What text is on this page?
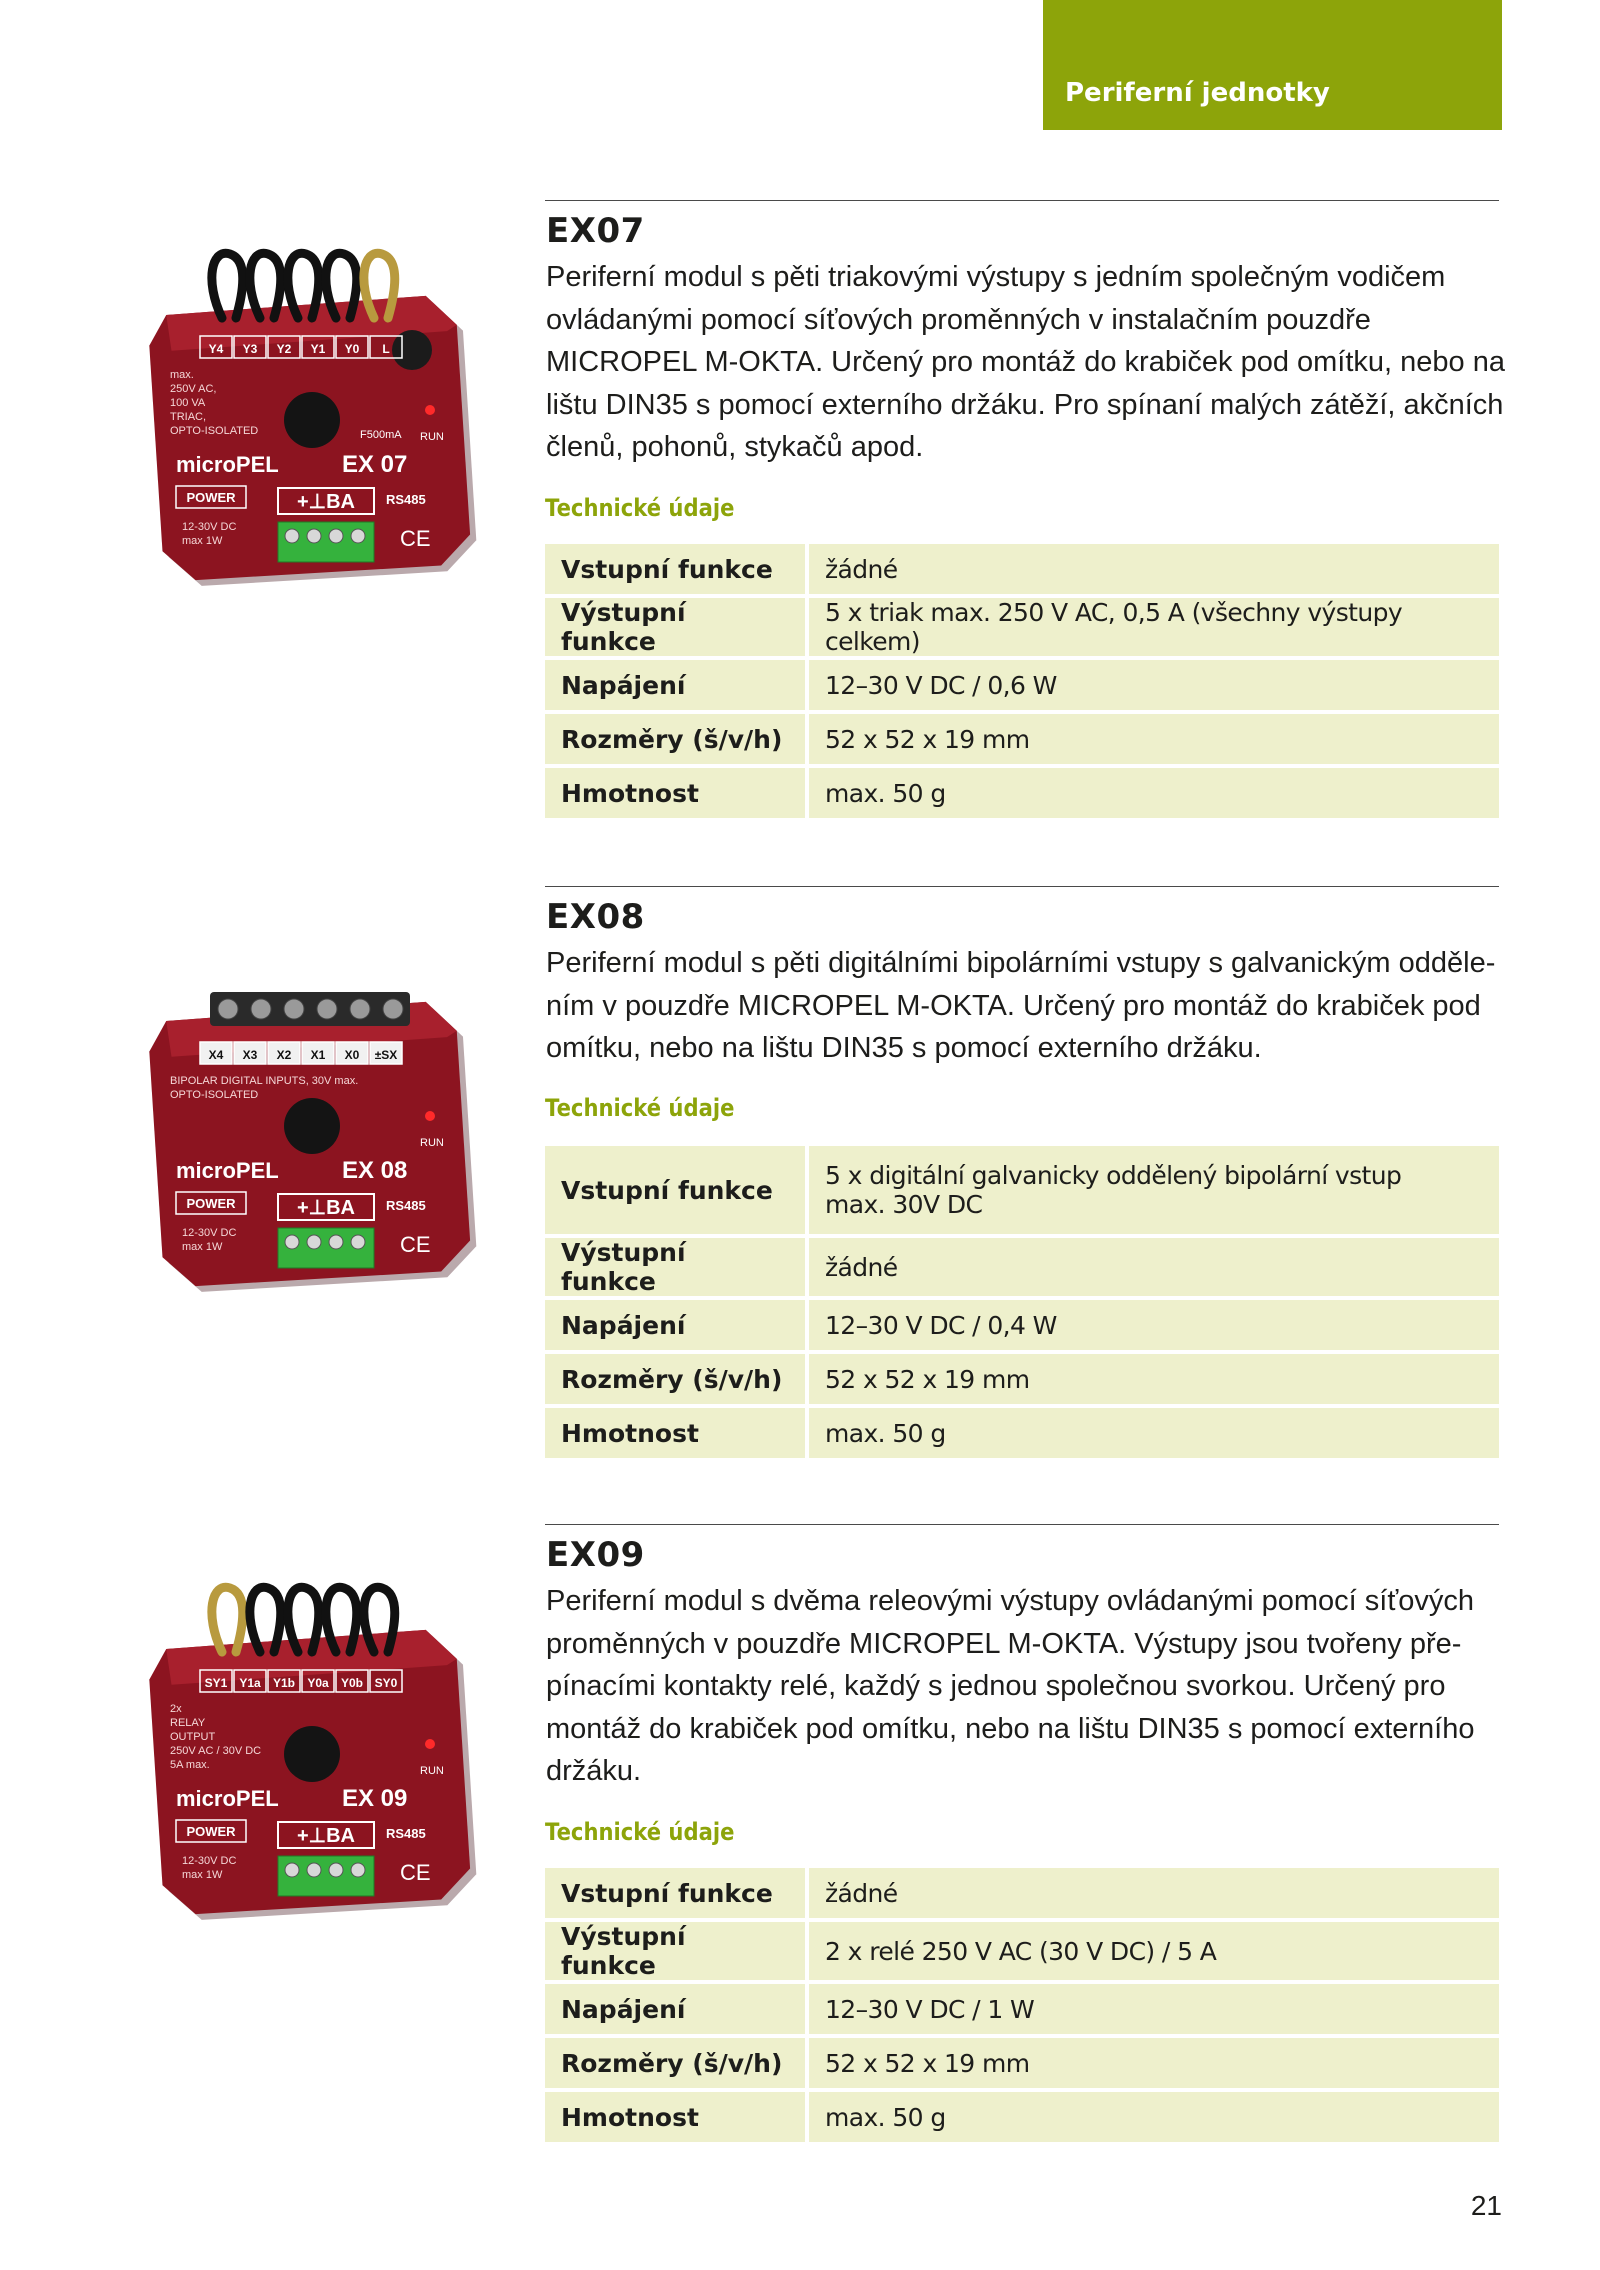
Periferní jednotky
EX07

Periferní modul s pěti triakovými výstupy s jedním společným vodičem ovládanými pomocí síťových proměnných v instalačním pouzdře MICROPEL M-OKTA. Určený pro montáž do krabiček pod omítku, nebo na lištu DIN35 s pomocí externího držáku. Pro spínaní malých zátěží, akčních členů, pohonů, stykačů apod.

Technické údaje

Vstupní funkce	žádné
Výstupní funkce	5 x triak max. 250 V AC, 0,5 A (všechny výstupy celkem)
Napájení	12–30 V DC / 0,6 W
Rozměry (š/v/h)	52 x 52 x 19 mm
Hmotnost	max. 50 g
Y4 Y3 Y2 Y1 Y0 L
max.
250V AC,
100 VA
TRIAC,
OPTO-ISOLATED	F500mA RUN
microPEL	EX 07
POWER	+⊥BA RS485
12-30V DC
max 1W	CE
EX08

Periferní modul s pěti digitálními bipolárními vstupy s galvanickým oddělením v pouzdře MICROPEL M-OKTA. Určený pro montáž do krabiček pod omítku, nebo na lištu DIN35 s pomocí externího držáku.

Technické údaje

Vstupní funkce	5 x digitální galvanicky oddělený bipolární vstup
max. 30V DC

Výstupní funkce	žádné
Napájení	12–30 V DC / 0,4 W
Rozměry (š/v/h)	52 x 52 x 19 mm
Hmotnost	max. 50 g
X4 X3 X2 X1 X0 ±SX
BIPOLAR DIGITAL INPUTS, 30V max.
OPTO-ISOLATED
RUN
microPEL	EX 08
POWER	+⊥BA RS485
12-30V DC
max 1W	CE
EX09

Periferní modul s dvěma releovými výstupy ovládanými pomocí síťových proměnných v pouzdře MICROPEL M-OKTA. Výstupy jsou tvořeny přepínacími kontakty relé, každý s jednou společnou svorkou. Určený pro montáž do krabiček pod omítku, nebo na lištu DIN35 s pomocí externího držáku.

Technické údaje

Vstupní funkce	žádné
Výstupní funkce	2 x relé 250 V AC (30 V DC) / 5 A
Napájení	12–30 V DC / 1 W
Rozměry (š/v/h)	52 x 52 x 19 mm
Hmotnost	max. 50 g
SY1 Y1a Y1b Y0a Y0b SY0
2x
RELAY
OUTPUT
250V AC / 30V DC
5A max.	RUN
microPEL	EX 09
POWER	+⊥BA RS485
12-30V DC
max 1W	CE
21
